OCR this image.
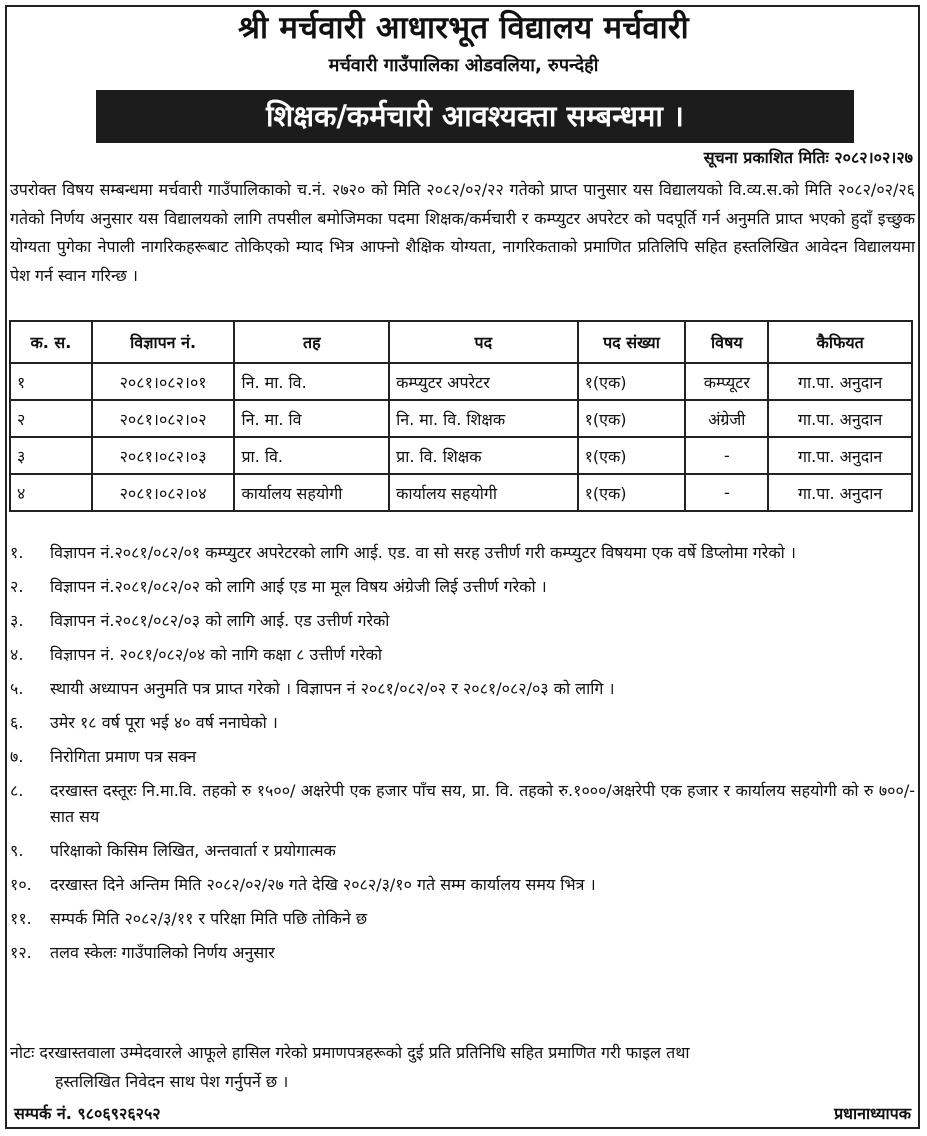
श्री मर्चवारी आधारभूत विद्यालय मर्चवारी
मर्चवारी गाउँपालिका ओडवलिया, रुपन्देही
शिक्षक/कर्मचारी आवश्यक्ता सम्बन्धमा ।
सूचना प्रकाशित मितिः २०८२।०२।२७
उपरोक्त विषय सम्बन्धमा मर्चवारी गाउँपालिकाको च.नं. २७२० को मिति २०८२/०२/२२ गतेको प्राप्त पानुसार यस विद्यालयको वि.व्य.स.को मिति २०८२/०२/२६ गतेको निर्णय अनुसार यस विद्यालयको लागि तपसील बमोजिमका पदमा शिक्षक/कर्मचारी र कम्प्युटर अपरेटर को पदपूर्ति गर्न अनुमति प्राप्त भएको हुदाँ इच्छुक योग्यता पुगेका नेपाली नागरिकहरूबाट तोकिएको म्याद भित्र आफ्नो शैक्षिक योग्यता, नागरिकताको प्रमाणित प्रतिलिपि सहित हस्तलिखित आवेदन विद्यालयमा पेश गर्न स्वान गरिन्छ ।
क. स.	विज्ञापन नं.	तह	पद	पद संख्या	विषय	कैफियत
१	२०८१।०८२।०१	नि. मा. वि.	कम्प्युटर अपरेटर	१(एक)	कम्प्यूटर	गा.पा. अनुदान
२	२०८१।०८२।०२	नि. मा. वि	नि. मा. वि. शिक्षक	१(एक)	अंग्रेजी	गा.पा. अनुदान
३	२०८१।०८२।०३	प्रा. वि.	प्रा. वि. शिक्षक	१(एक)	-	गा.पा. अनुदान
४	२०८१।०८२।०४	कार्यालय सहयोगी	कार्यालय सहयोगी	१(एक)	-	गा.पा. अनुदान
१.	विज्ञापन नं.२०८१/०८२/०१ कम्प्युटर अपरेटरको लागि आई. एड. वा सो सरह उत्तीर्ण गरी कम्प्युटर विषयमा एक वर्षे डिप्लोमा गरेको ।
२.	विज्ञापन नं.२०८१/०८२/०२ को लागि आई एड मा मूल विषय अंग्रेजी लिई उत्तीर्ण गरेको ।
३.	विज्ञापन नं.२०८१/०८२/०३ को लागि आई. एड उत्तीर्ण गरेको
४.	विज्ञापन नं. २०८१/०८२/०४ को नागि कक्षा ८ उत्तीर्ण गरेको
५.	स्थायी अध्यापन अनुमति पत्र प्राप्त गरेको । विज्ञापन नं २०८१/०८२/०२ र २०८१/०८२/०३ को लागि ।
६.	उमेर १८ वर्ष पूरा भई ४० वर्ष ननाघेको ।
७.	निरोगिता प्रमाण पत्र सक्न
८.	दरखास्त दस्तूरः नि.मा.वि. तहको रु १५००/ अक्षरेपी एक हजार पाँच सय, प्रा. वि. तहको रु.१०००/अक्षरेपी एक हजार र कार्यालय सहयोगी को रु ७००/- सात सय
९.	परिक्षाको किसिम लिखित, अन्तवार्ता र प्रयोगात्मक
१०.	दरखास्त दिने अन्तिम मिति २०८२/०२/२७ गते देखि २०८२/३/१० गते सम्म कार्यालय समय भित्र ।
११.	सम्पर्क मिति २०८२/३/११ र परिक्षा मिति पछि तोकिने छ
१२.	तलव स्केलः गाउँपालिको निर्णय अनुसार
नोटः दरखास्तवाला उम्मेदवारले आफूले हासिल गरेको प्रमाणपत्रहरूको दुई प्रति प्रतिनिधि सहित प्रमाणित गरी फाइल तथा
हस्तलिखित निवेदन साथ पेश गर्नुपर्ने छ ।
सम्पर्क नं. ९८०६९२६२५२	प्रधानाध्यापक
